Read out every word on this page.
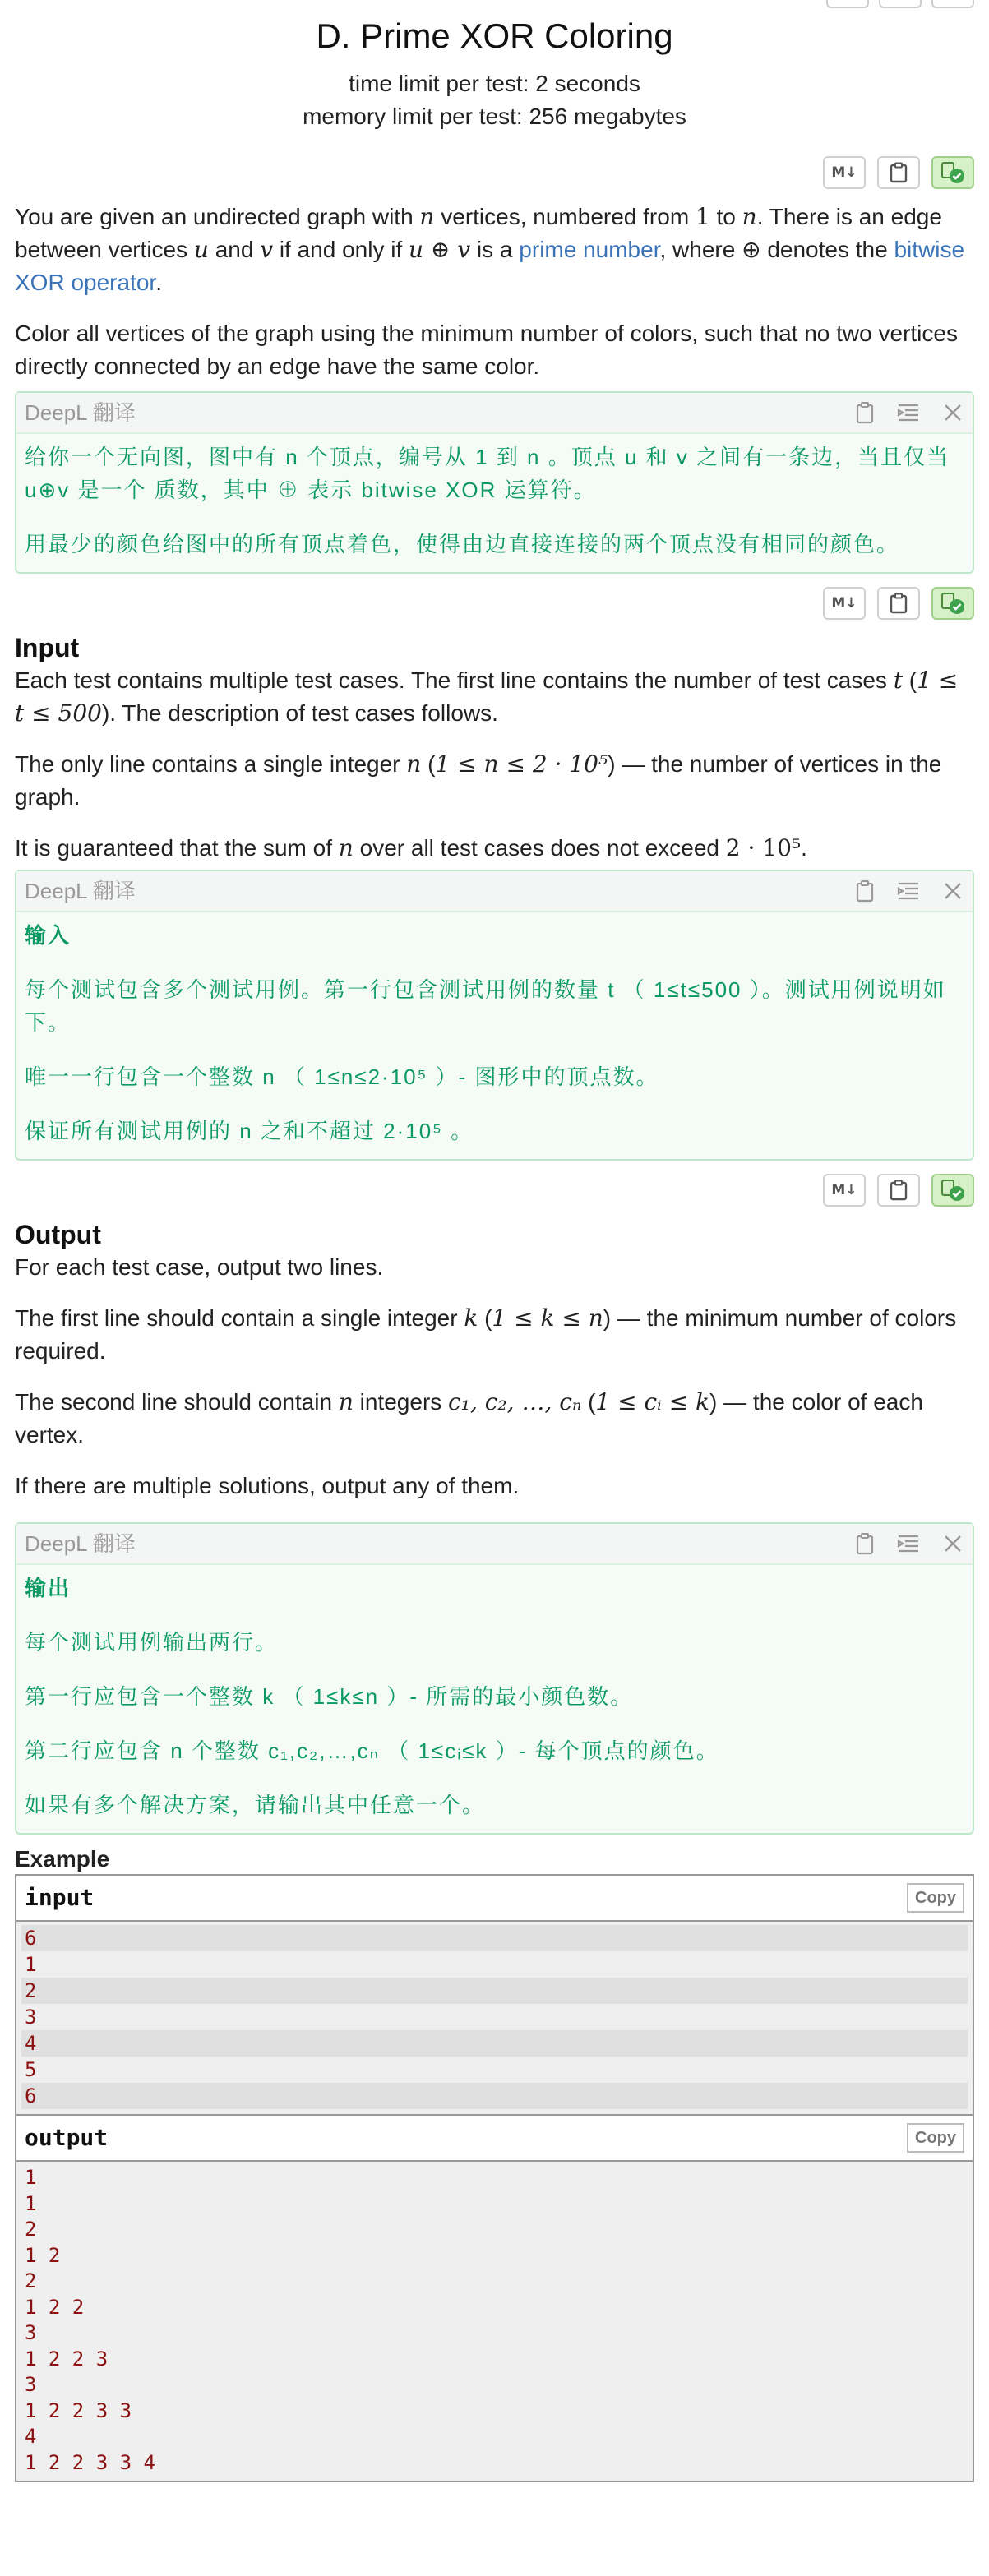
D. Prime XOR Coloring
time limit per test: 2 seconds
memory limit per test: 256 megabytes
M↓

You are given an undirected graph with n vertices, numbered from 1 to n. There is an edge between vertices u and v if and only if u ⊕ v is a prime number, where ⊕ denotes the bitwise XOR operator.

Color all vertices of the graph using the minimum number of colors, such that no two vertices directly connected by an edge have the same color.

DeepL 翻译

给你一个无向图，图中有 n 个顶点，编号从 1 到 n 。顶点 u 和 v 之间有一条边，当且仅当 u⊕v 是一个 质数，其中 ⊕ 表示 bitwise XOR 运算符。

用最少的颜色给图中的所有顶点着色，使得由边直接连接的两个顶点没有相同的颜色。

M↓
Input

Each test contains multiple test cases. The first line contains the number of test cases t (1 ≤ t ≤ 500). The description of test cases follows.

The only line contains a single integer n (1 ≤ n ≤ 2 · 10⁵) — the number of vertices in the graph.

It is guaranteed that the sum of n over all test cases does not exceed 2 · 10⁵.

DeepL 翻译

输入

每个测试包含多个测试用例。第一行包含测试用例的数量 t （ 1≤t≤500 ）。测试用例说明如下。

唯一一行包含一个整数 n （ 1≤n≤2·10⁵ ）- 图形中的顶点数。

保证所有测试用例的 n 之和不超过 2·10⁵ 。

M↓
Output

For each test case, output two lines.

The first line should contain a single integer k (1 ≤ k ≤ n) — the minimum number of colors required.

The second line should contain n integers c₁, c₂, …, cₙ (1 ≤ cᵢ ≤ k) — the color of each vertex.

If there are multiple solutions, output any of them.

DeepL 翻译

输出

每个测试用例输出两行。

第一行应包含一个整数 k （ 1≤k≤n ）- 所需的最小颜色数。

第二行应包含 n 个整数 c₁,c₂,…,cₙ （ 1≤cᵢ≤k ）- 每个顶点的颜色。

如果有多个解决方案，请输出其中任意一个。

Example
input	Copy
6
1
2
3
4
5
6
output	Copy
1
1
2
1 2
2
1 2 2
3
1 2 2 3
3
1 2 2 3 3
4
1 2 2 3 3 4
